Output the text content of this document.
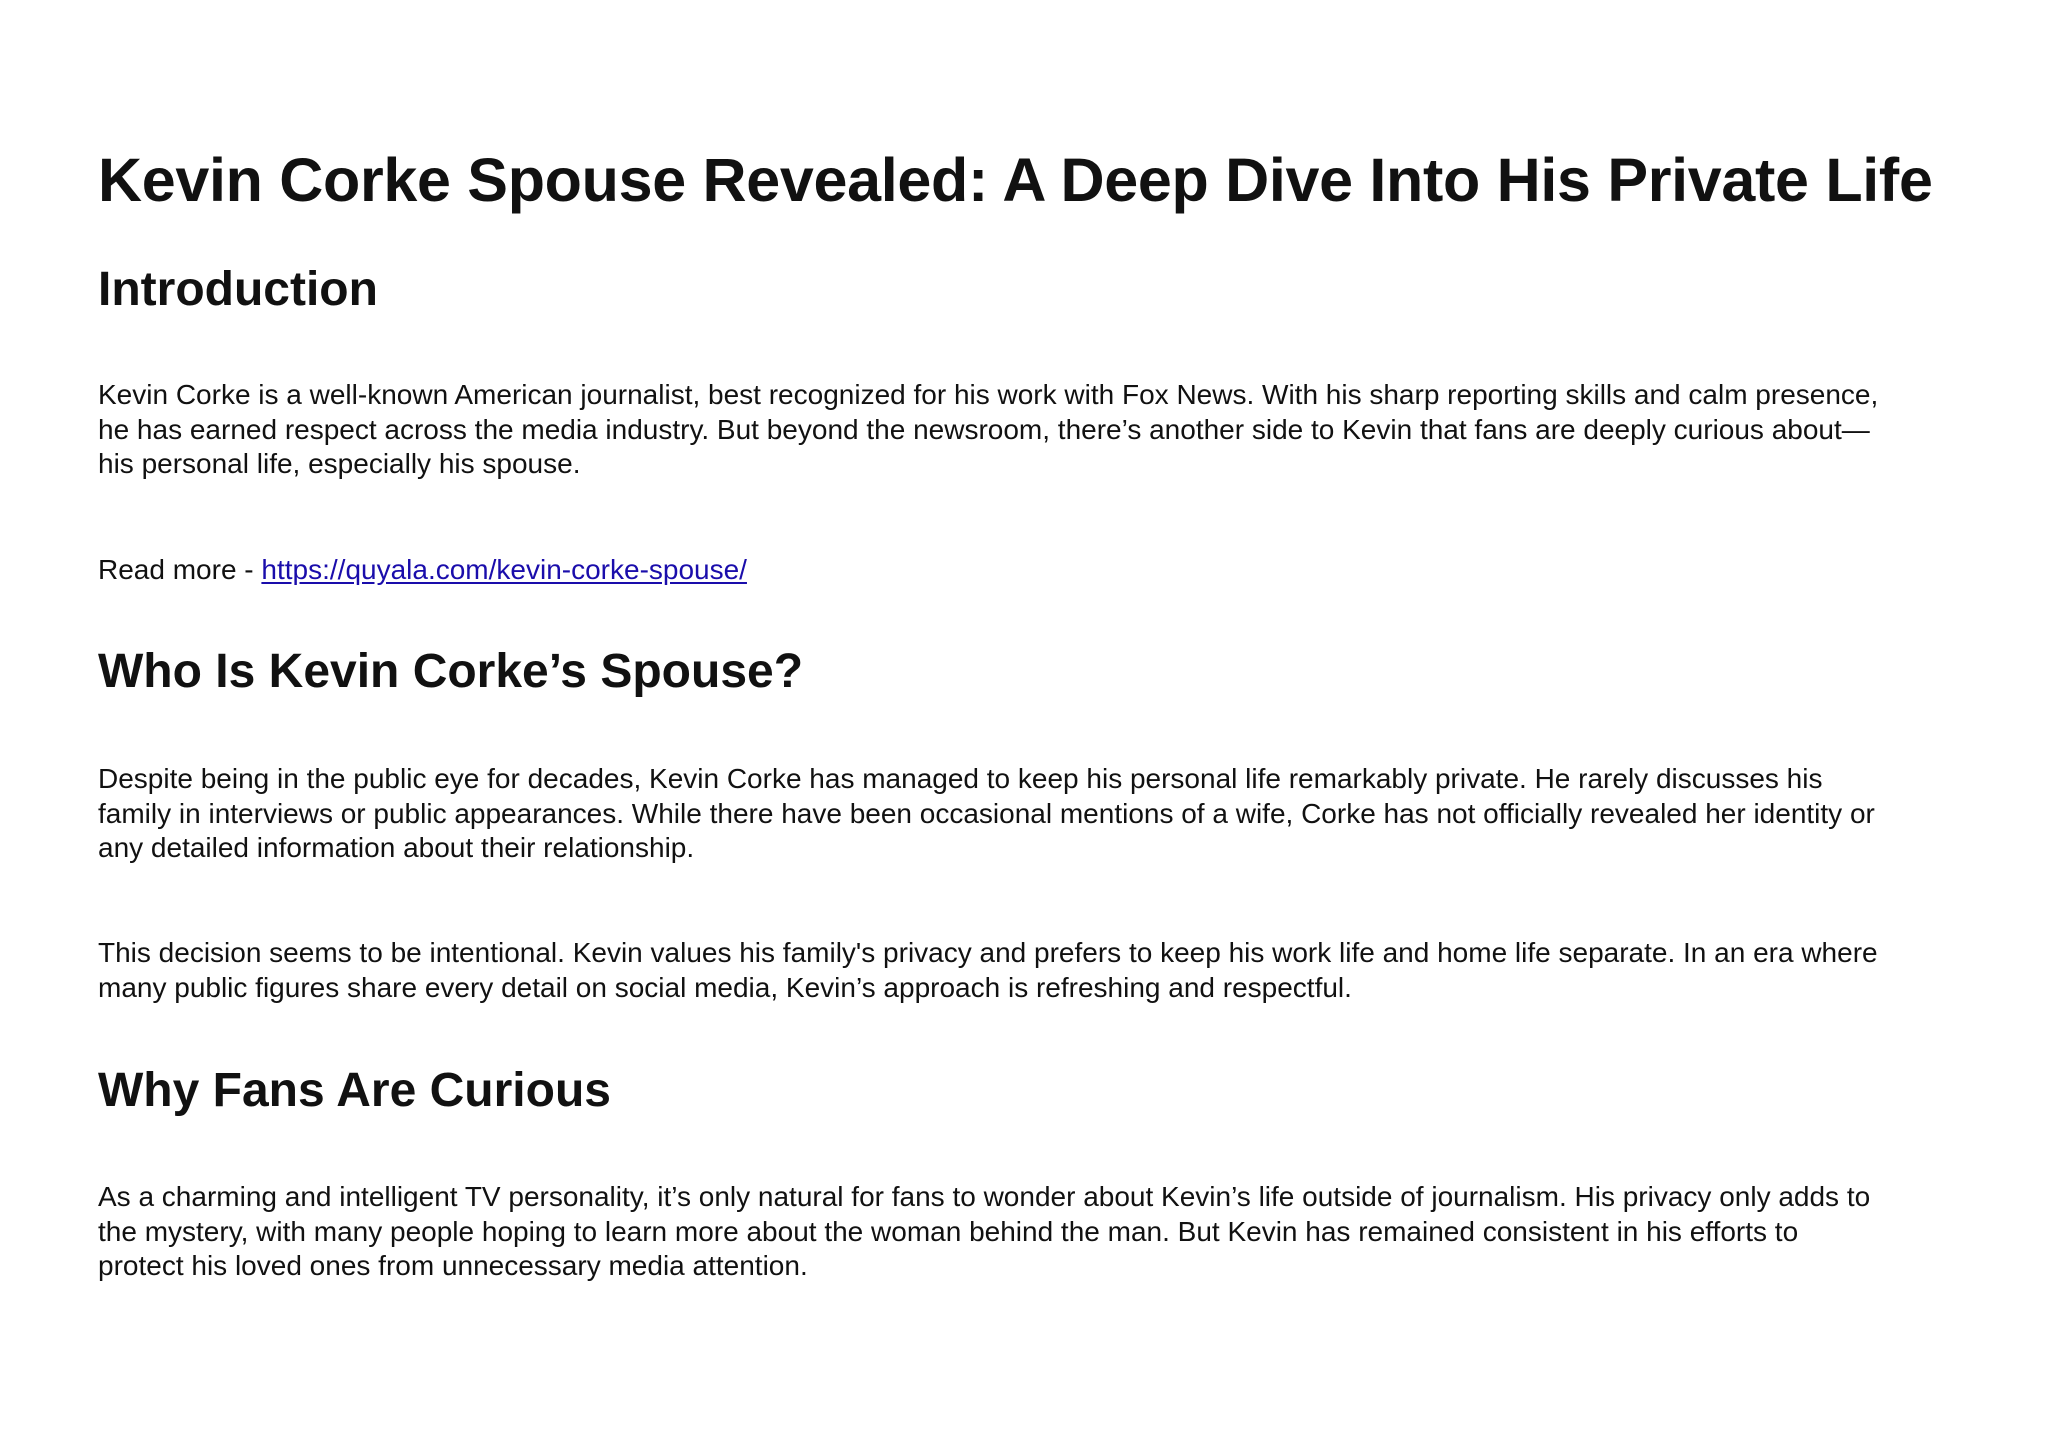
Kevin Corke Spouse Revealed: A Deep Dive Into His Private Life
Introduction

Kevin Corke is a well-known American journalist, best recognized for his work with Fox News. With his sharp reporting skills and calm presence,
he has earned respect across the media industry. But beyond the newsroom, there’s another side to Kevin that fans are deeply curious about—
his personal life, especially his spouse.

Read more - https://quyala.com/kevin-corke-spouse/

Who Is Kevin Corke’s Spouse?

Despite being in the public eye for decades, Kevin Corke has managed to keep his personal life remarkably private. He rarely discusses his
family in interviews or public appearances. While there have been occasional mentions of a wife, Corke has not officially revealed her identity or
any detailed information about their relationship.

This decision seems to be intentional. Kevin values his family's privacy and prefers to keep his work life and home life separate. In an era where
many public figures share every detail on social media, Kevin’s approach is refreshing and respectful.

Why Fans Are Curious

As a charming and intelligent TV personality, it’s only natural for fans to wonder about Kevin’s life outside of journalism. His privacy only adds to
the mystery, with many people hoping to learn more about the woman behind the man. But Kevin has remained consistent in his efforts to
protect his loved ones from unnecessary media attention.
